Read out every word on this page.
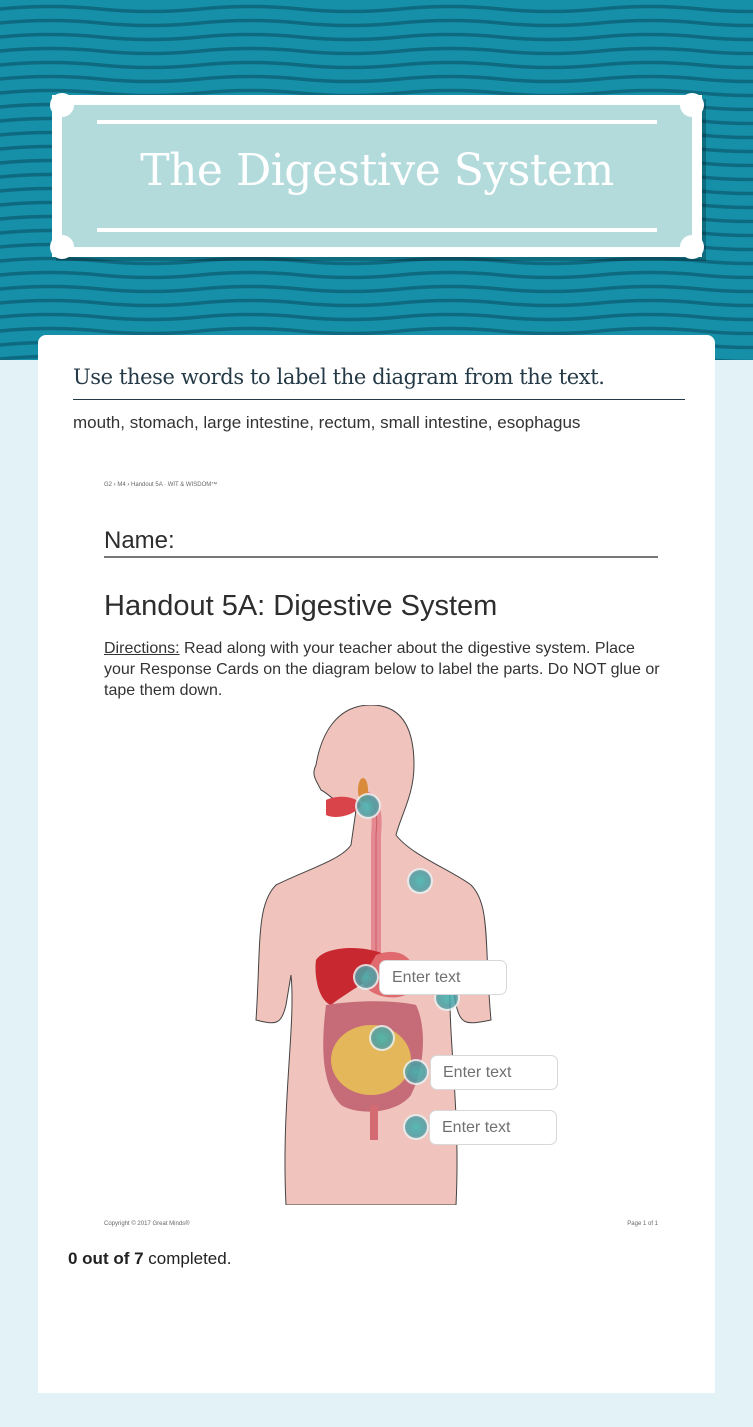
The Digestive System
Use these words to label the diagram from the text.
mouth, stomach, large intestine, rectum, small intestine, esophagus
G2 › M4 › Handout 5A · WIT & WISDOM™
Name:
Handout 5A: Digestive System
Directions: Read along with your teacher about the digestive system. Place your Response Cards on the diagram below to label the parts. Do NOT glue or tape them down.
Enter text
Enter text
Enter text
Copyright © 2017 Great Minds®	Page 1 of 1
0 out of 7 completed.
